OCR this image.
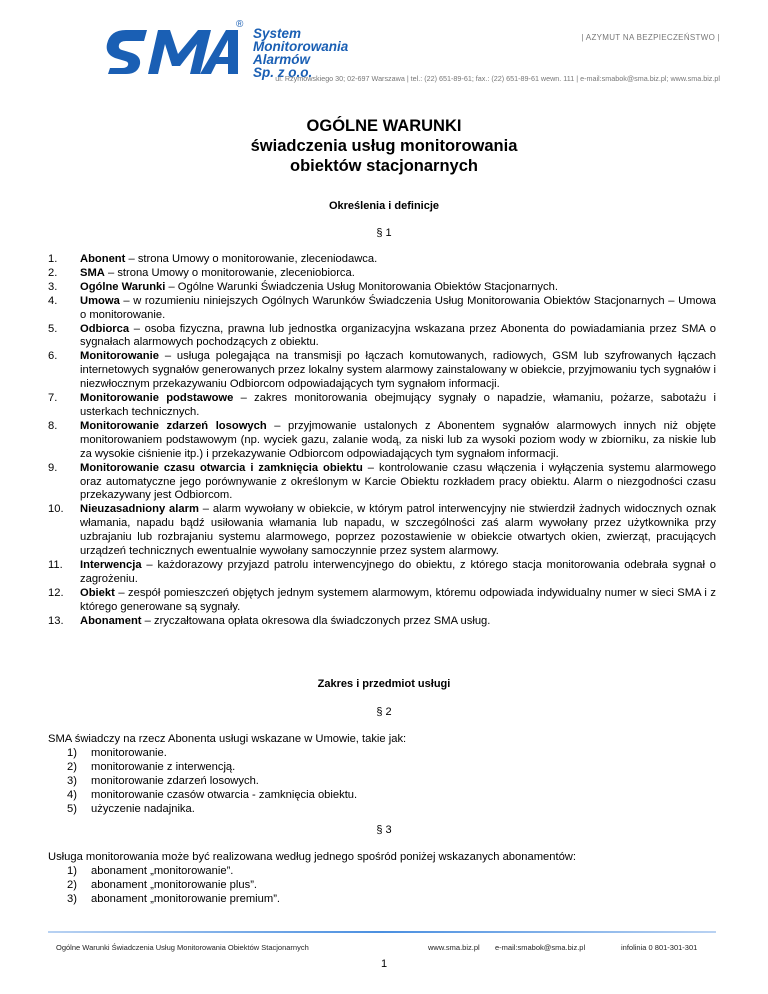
®
System
Monitorowania
Alarmów
Sp. z o.o.
| AZYMUT NA BEZPIECZEŃSTWO |
ul. Rzymowskiego 30; 02-697 Warszawa | tel.: (22) 651-89-61; fax.: (22) 651-89-61 wewn. 111 | e-mail:smabok@sma.biz.pl; www.sma.biz.pl
OGÓLNE WARUNKI
świadczenia usług monitorowania
obiektów stacjonarnych
Określenia i definicje
§ 1
1. Abonent – strona Umowy o monitorowanie, zleceniodawca.
2. SMA – strona Umowy o monitorowanie, zleceniobiorca.
3. Ogólne Warunki – Ogólne Warunki Świadczenia Usług Monitorowania Obiektów Stacjonarnych.
4. Umowa – w rozumieniu niniejszych Ogólnych Warunków Świadczenia Usług Monitorowania Obiektów Stacjonarnych – Umowa o monitorowanie.
5. Odbiorca – osoba fizyczna, prawna lub jednostka organizacyjna wskazana przez Abonenta do powiadamiania przez SMA o sygnałach alarmowych pochodzących z obiektu.
6. Monitorowanie – usługa polegająca na transmisji po łączach komutowanych, radiowych, GSM lub szyfrowanych łączach internetowych sygnałów generowanych przez lokalny system alarmowy zainstalowany w obiekcie, przyjmowaniu tych sygnałów i niezwłocznym przekazywaniu Odbiorcom odpowiadających tym sygnałom informacji.
7. Monitorowanie podstawowe – zakres monitorowania obejmujący sygnały o napadzie, włamaniu, pożarze, sabotażu i usterkach technicznych.
8. Monitorowanie zdarzeń losowych – przyjmowanie ustalonych z Abonentem sygnałów alarmowych innych niż objęte monitorowaniem podstawowym (np. wyciek gazu, zalanie wodą, za niski lub za wysoki poziom wody w zbiorniku, za niskie lub za wysokie ciśnienie itp.) i przekazywanie Odbiorcom odpowiadających tym sygnałom informacji.
9. Monitorowanie czasu otwarcia i zamknięcia obiektu – kontrolowanie czasu włączenia i wyłączenia systemu alarmowego oraz automatyczne jego porównywanie z określonym w Karcie Obiektu rozkładem pracy obiektu. Alarm o niezgodności czasu przekazywany jest Odbiorcom.
10. Nieuzasadniony alarm – alarm wywołany w obiekcie, w którym patrol interwencyjny nie stwierdził żadnych widocznych oznak włamania, napadu bądź usiłowania włamania lub napadu, w szczególności zaś alarm wywołany przez użytkownika przy uzbrajaniu lub rozbrajaniu systemu alarmowego, poprzez pozostawienie w obiekcie otwartych okien, zwierząt, pracujących urządzeń technicznych ewentualnie wywołany samoczynnie przez system alarmowy.
11. Interwencja – każdorazowy przyjazd patrolu interwencyjnego do obiektu, z którego stacja monitorowania odebrała sygnał o zagrożeniu.
12. Obiekt – zespół pomieszczeń objętych jednym systemem alarmowym, któremu odpowiada indywidualny numer w sieci SMA i z którego generowane są sygnały.
13. Abonament – zryczałtowana opłata okresowa dla świadczonych przez SMA usług.
Zakres i przedmiot usługi
§ 2
SMA świadczy na rzecz Abonenta usługi wskazane w Umowie, takie jak:
1) monitorowanie.
2) monitorowanie z interwencją.
3) monitorowanie zdarzeń losowych.
4) monitorowanie czasów otwarcia - zamknięcia obiektu.
5) użyczenie nadajnika.
§ 3
Usługa monitorowania może być realizowana według jednego spośród poniżej wskazanych abonamentów:
1) abonament „monitorowanie”.
2) abonament „monitorowanie plus”.
3) abonament „monitorowanie premium”.
Ogólne Warunki Świadczenia Usług Monitorowania Obiektów Stacjonarnych
1
www.sma.biz.pl e-mail:smabok@sma.biz.pl	infolinia 0 801-301-301
